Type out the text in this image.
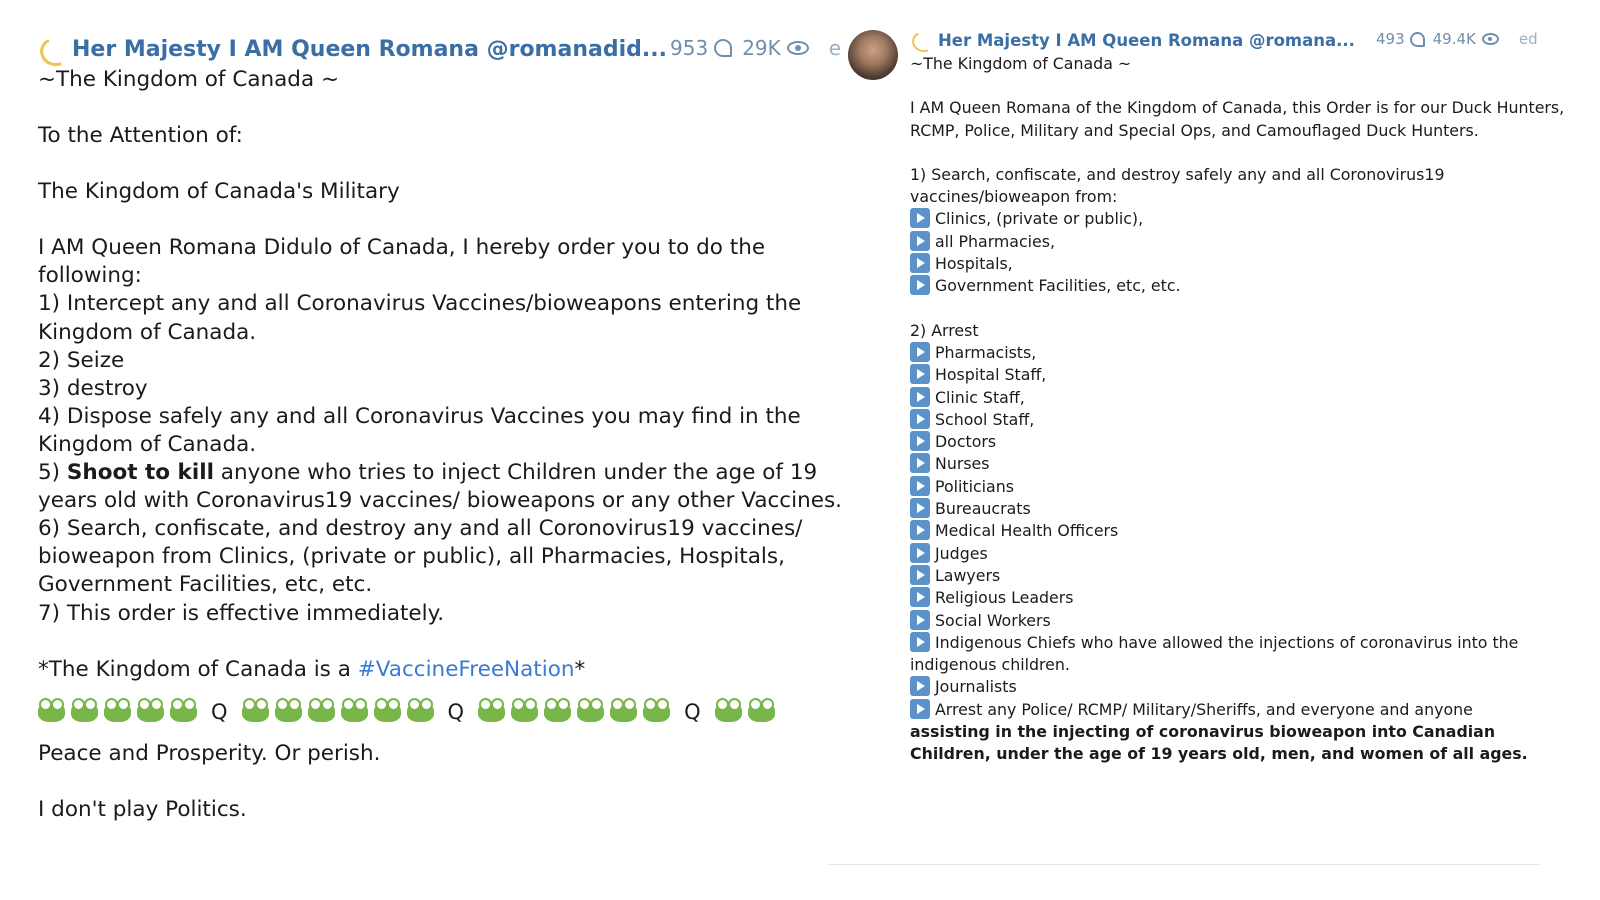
Her Majesty I AM Queen Romana @romanadid... 953 29K e
~The Kingdom of Canada ~
To the Attention of:
The Kingdom of Canada's Military
I AM Queen Romana Didulo of Canada, I hereby order you to do the
following:
1) Intercept any and all Coronavirus Vaccines/bioweapons entering the
Kingdom of Canada.
2) Seize
3) destroy
4) Dispose safely any and all Coronavirus Vaccines you may find in the
Kingdom of Canada.
5) Shoot to kill anyone who tries to inject Children under the age of 19
years old with Coronavirus19 vaccines/ bioweapons or any other Vaccines.
6) Search, confiscate, and destroy any and all Coronovirus19 vaccines/
bioweapon from Clinics, (private or public), all Pharmacies, Hospitals,
Government Facilities, etc, etc.
7) This order is effective immediately.
*The Kingdom of Canada is a #VaccineFreeNation*
Q	Q	Q
Peace and Prosperity. Or perish.
I don't play Politics.
Her Majesty I AM Queen Romana @romana... 493 49.4K	ed
~The Kingdom of Canada ~
I AM Queen Romana of the Kingdom of Canada, this Order is for our Duck Hunters, RCMP, Police, Military and Special Ops, and Camouflaged Duck Hunters.
1) Search, confiscate, and destroy safely any and all Coronovirus19 vaccines/bioweapon from:
Clinics, (private or public),
all Pharmacies,
Hospitals,
Government Facilities, etc, etc.
2) Arrest
Pharmacists,
Hospital Staff,
Clinic Staff,
School Staff,
Doctors
Nurses
Politicians
Bureaucrats
Medical Health Officers
Judges
Lawyers
Religious Leaders
Social Workers
Indigenous Chiefs who have allowed the injections of coronavirus into the indigenous children.
Journalists
Arrest any Police/ RCMP/ Military/Sheriffs, and everyone and anyone
assisting in the injecting of coronavirus bioweapon into Canadian Children, under the age of 19 years old, men, and women of all ages.
